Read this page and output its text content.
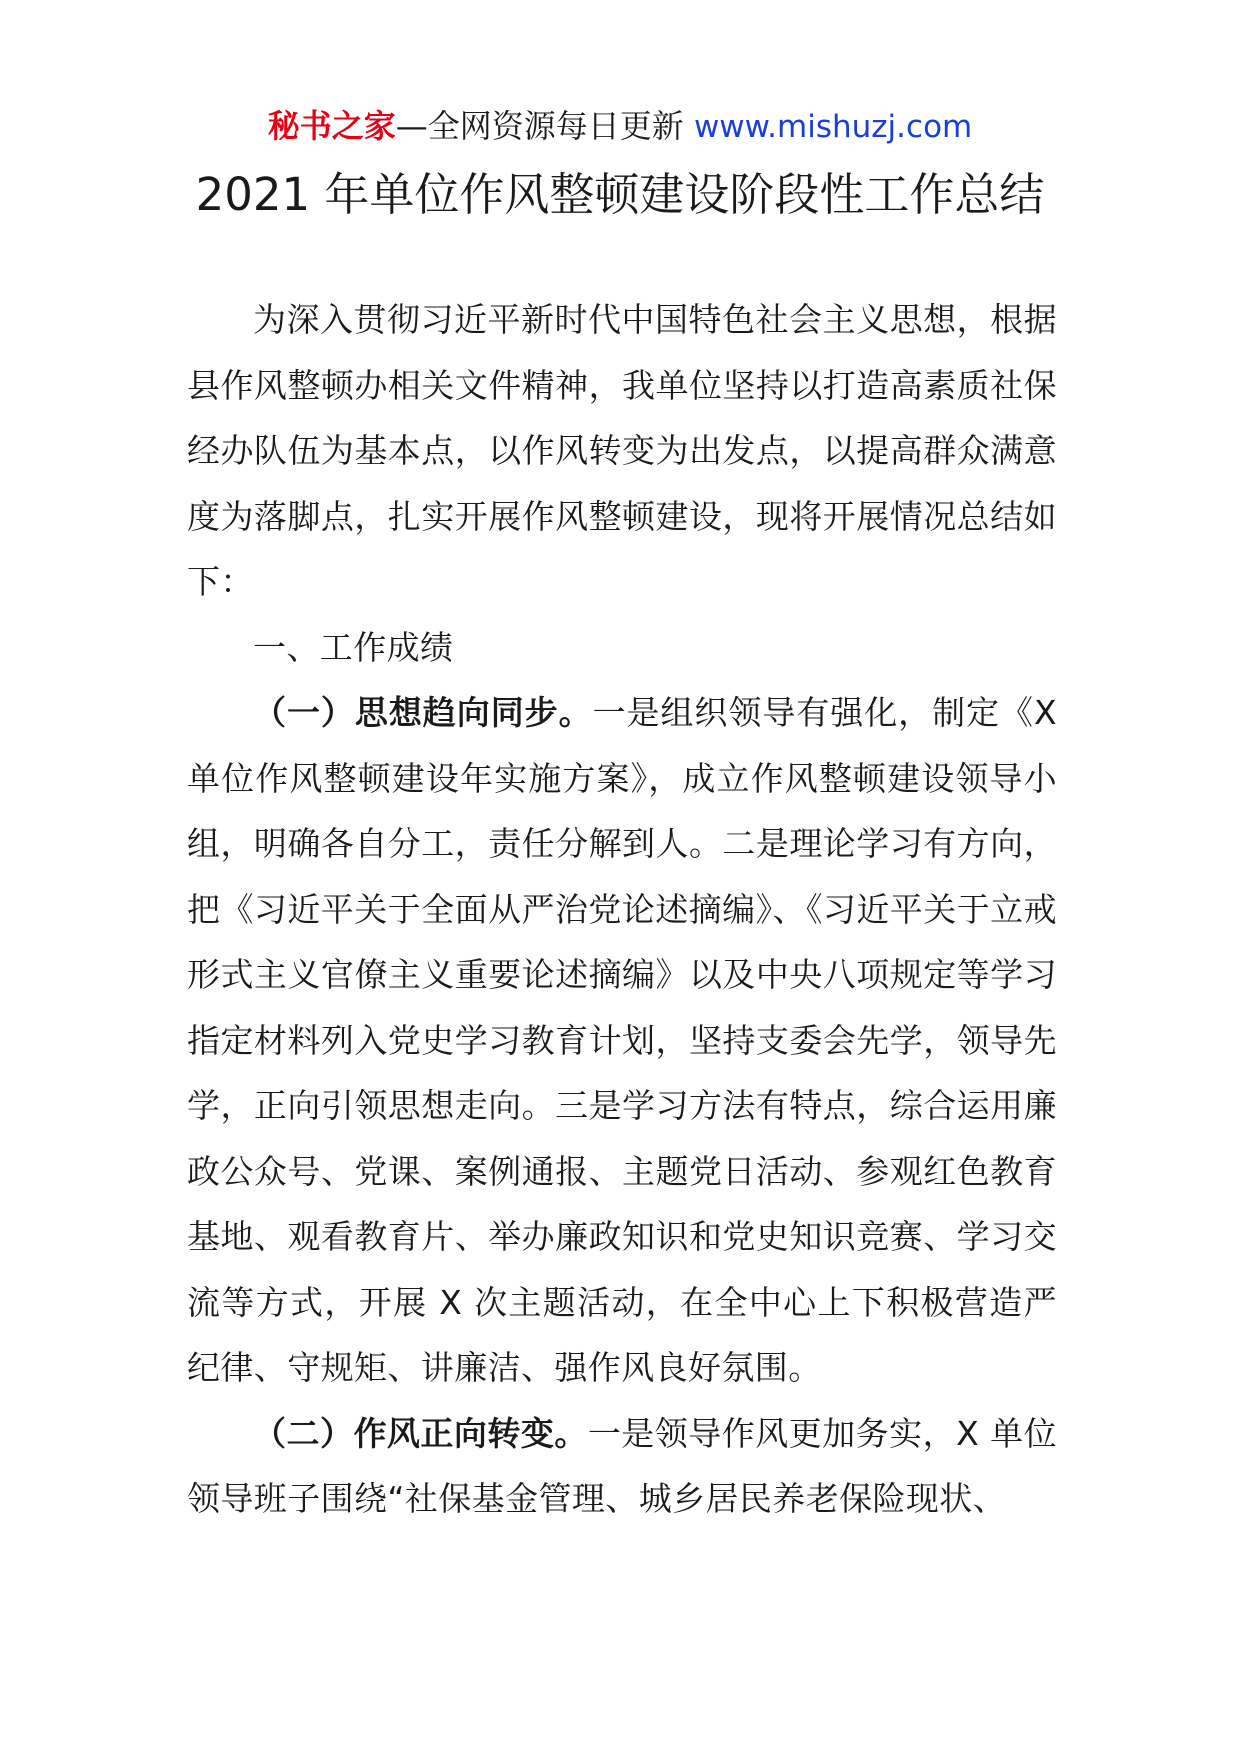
秘书之家—全网资源每日更新 www.mishuzj.com
2021 年单位作风整顿建设阶段性工作总结

为深入贯彻习近平新时代中国特色社会主义思想，根据县作风整顿办相关文件精神，我单位坚持以打造高素质社保经办队伍为基本点，以作风转变为出发点，以提高群众满意度为落脚点，扎实开展作风整顿建设，现将开展情况总结如下：

一、工作成绩

（一）思想趋向同步。一是组织领导有强化，制定《X 单位作风整顿建设年实施方案》，成立作风整顿建设领导小组，明确各自分工，责任分解到人。二是理论学习有方向，把《习近平关于全面从严治党论述摘编》、《习近平关于立戒形式主义官僚主义重要论述摘编》以及中央八项规定等学习指定材料列入党史学习教育计划，坚持支委会先学，领导先学，正向引领思想走向。三是学习方法有特点，综合运用廉政公众号、党课、案例通报、主题党日活动、参观红色教育基地、观看教育片、举办廉政知识和党史知识竞赛、学习交流等方式，开展 X 次主题活动，在全中心上下积极营造严纪律、守规矩、讲廉洁、强作风良好氛围。

（二）作风正向转变。一是领导作风更加务实，X 单位领导班子围绕“社保基金管理、城乡居民养老保险现状、
